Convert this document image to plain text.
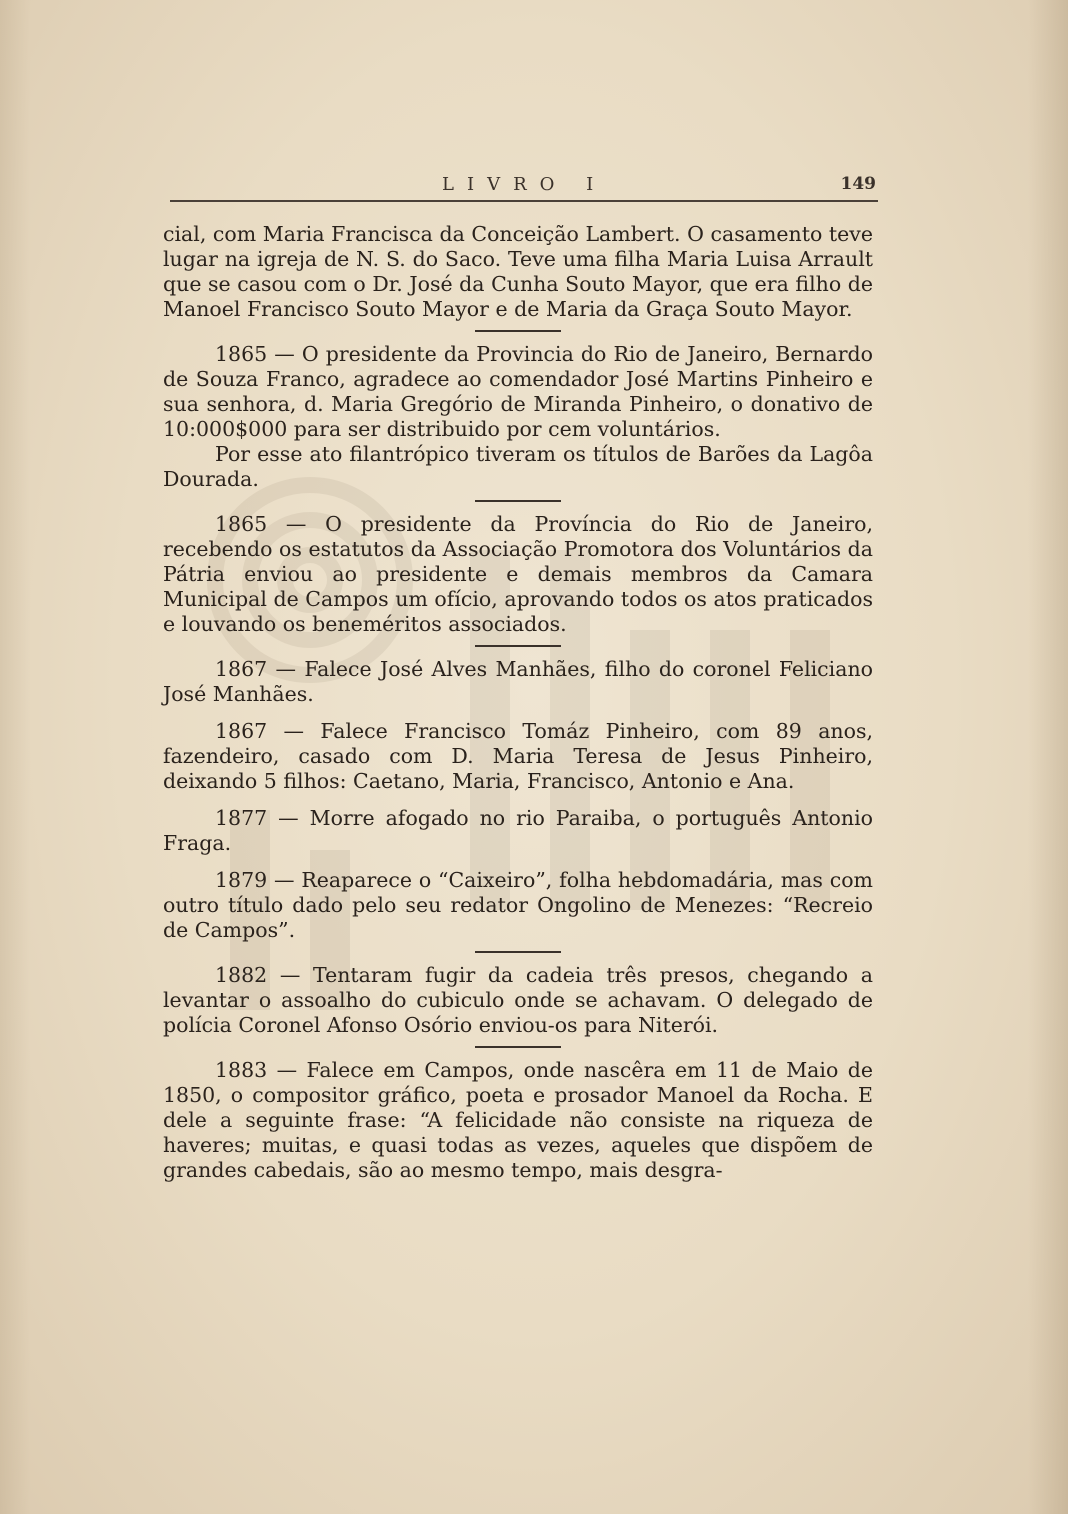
LIVRO I	149

cial, com Maria Francisca da Conceição Lambert. O casamento teve lugar na igreja de N. S. do Saco. Teve uma filha Maria Luisa Arrault que se casou com o Dr. José da Cunha Souto Mayor, que era filho de Manoel Francisco Souto Mayor e de Maria da Graça Souto Mayor.

1865 — O presidente da Provincia do Rio de Janeiro, Bernardo de Souza Franco, agradece ao comendador José Martins Pinheiro e sua senhora, d. Maria Gregório de Miranda Pinheiro, o donativo de 10:000$000 para ser distribuido por cem voluntários.

Por esse ato filantrópico tiveram os títulos de Barões da Lagôa Dourada.

1865 — O presidente da Província do Rio de Janeiro, recebendo os estatutos da Associação Promotora dos Voluntários da Pátria enviou ao presidente e demais membros da Camara Municipal de Campos um ofício, aprovando todos os atos praticados e louvando os beneméritos associados.

1867 — Falece José Alves Manhães, filho do coronel Feliciano José Manhães.

1867 — Falece Francisco Tomáz Pinheiro, com 89 anos, fazendeiro, casado com D. Maria Teresa de Jesus Pinheiro, deixando 5 filhos: Caetano, Maria, Francisco, Antonio e Ana.

1877 — Morre afogado no rio Paraiba, o português Antonio Fraga.

1879 — Reaparece o “Caixeiro”, folha hebdomadária, mas com outro título dado pelo seu redator Ongolino de Menezes: “Recreio de Campos”.

1882 — Tentaram fugir da cadeia três presos, chegando a levantar o assoalho do cubiculo onde se achavam. O delegado de polícia Coronel Afonso Osório enviou-os para Niterói.

1883 — Falece em Campos, onde nascêra em 11 de Maio de 1850, o compositor gráfico, poeta e prosador Manoel da Rocha. E dele a seguinte frase: “A felicidade não consiste na riqueza de haveres; muitas, e quasi todas as vezes, aqueles que dispõem de grandes cabedais, são ao mesmo tempo, mais desgra-
